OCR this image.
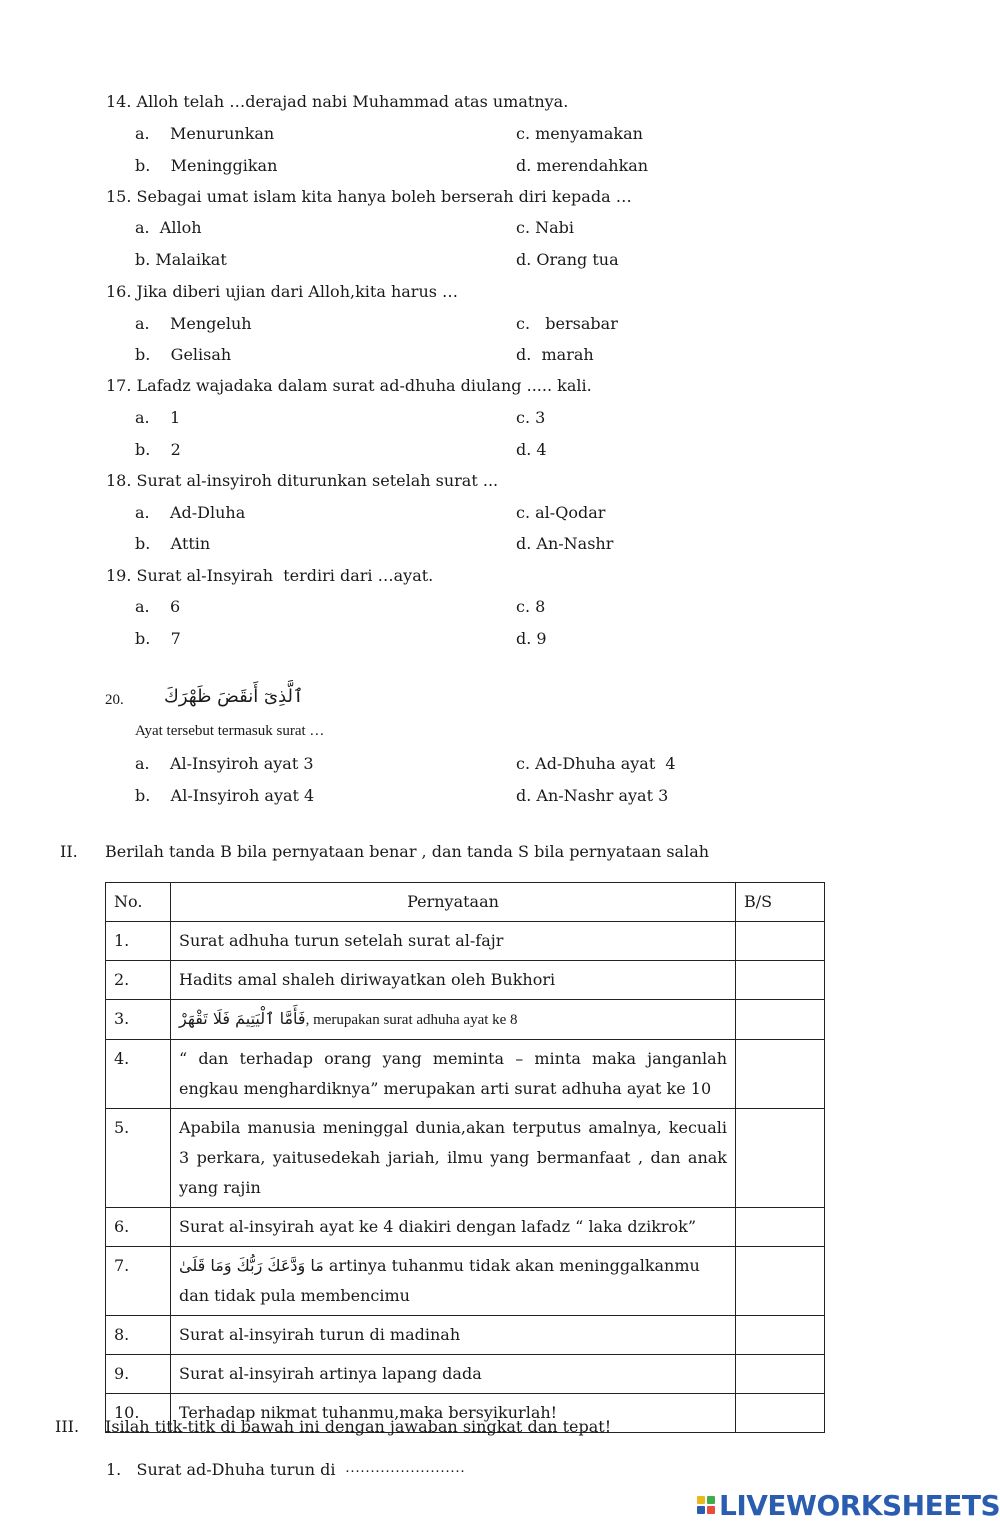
14. Alloh telah …derajad nabi Muhammad atas umatnya.
a.    Menurunkan	c. menyamakan
b.    Meninggikan	d. merendahkan
15. Sebagai umat islam kita hanya boleh berserah diri kepada …
a.  Alloh	c. Nabi
b. Malaikat	d. Orang tua
16. Jika diberi ujian dari Alloh,kita harus …
a.    Mengeluh	c.   bersabar
b.    Gelisah	d.  marah
17. Lafadz wajadaka dalam surat ad-dhuha diulang ..... kali.
a.    1	c. 3
b.    2	d. 4
18. Surat al-insyiroh diturunkan setelah surat ...
a.    Ad-Dluha	c. al-Qodar
b.    Attin	d. An-Nashr
19. Surat al-Insyirah  terdiri dari …ayat.
a.    6	c. 8
b.    7	d. 9
20. ٱلَّذِىٓ أَنقَضَ ظَهْرَكَ
Ayat tersebut termasuk surat …
a.    Al-Insyiroh ayat 3	c. Ad-Dhuha ayat  4
b.    Al-Insyiroh ayat 4	d. An-Nashr ayat 3
II. Berilah tanda B bila pernyataan benar , dan tanda S bila pernyataan salah
No.	Pernyataan	B/S
1.	Surat adhuha turun setelah surat al-fajr	
2.	Hadits amal shaleh diriwayatkan oleh Bukhori	
3.	فَأَمَّا ٱلْيَتِيمَ فَلَا تَقْهَرْ, merupakan surat adhuha ayat ke 8	
4.	“ dan terhadap orang yang meminta – minta maka janganlah engkau menghardiknya” merupakan arti surat adhuha ayat ke 10	
5.	Apabila manusia meninggal dunia,akan terputus amalnya, kecuali 3 perkara, yaitusedekah jariah, ilmu yang bermanfaat , dan anak yang rajin	
6.	Surat al-insyirah ayat ke 4 diakiri dengan lafadz “ laka dzikrok”	
7.	مَا وَدَّعَكَ رَبُّكَ وَمَا قَلَىٰ artinya tuhanmu tidak akan meninggalkanmu dan tidak pula membencimu	
8.	Surat al-insyirah turun di madinah	
9.	Surat al-insyirah artinya lapang dada	
10.	Terhadap nikmat tuhanmu,maka bersyikurlah!	
III. Isilah titk-titk di bawah ini dengan jawaban singkat dan tepat!
1.   Surat ad-Dhuha turun di ……………………
LIVEWORKSHEETS
